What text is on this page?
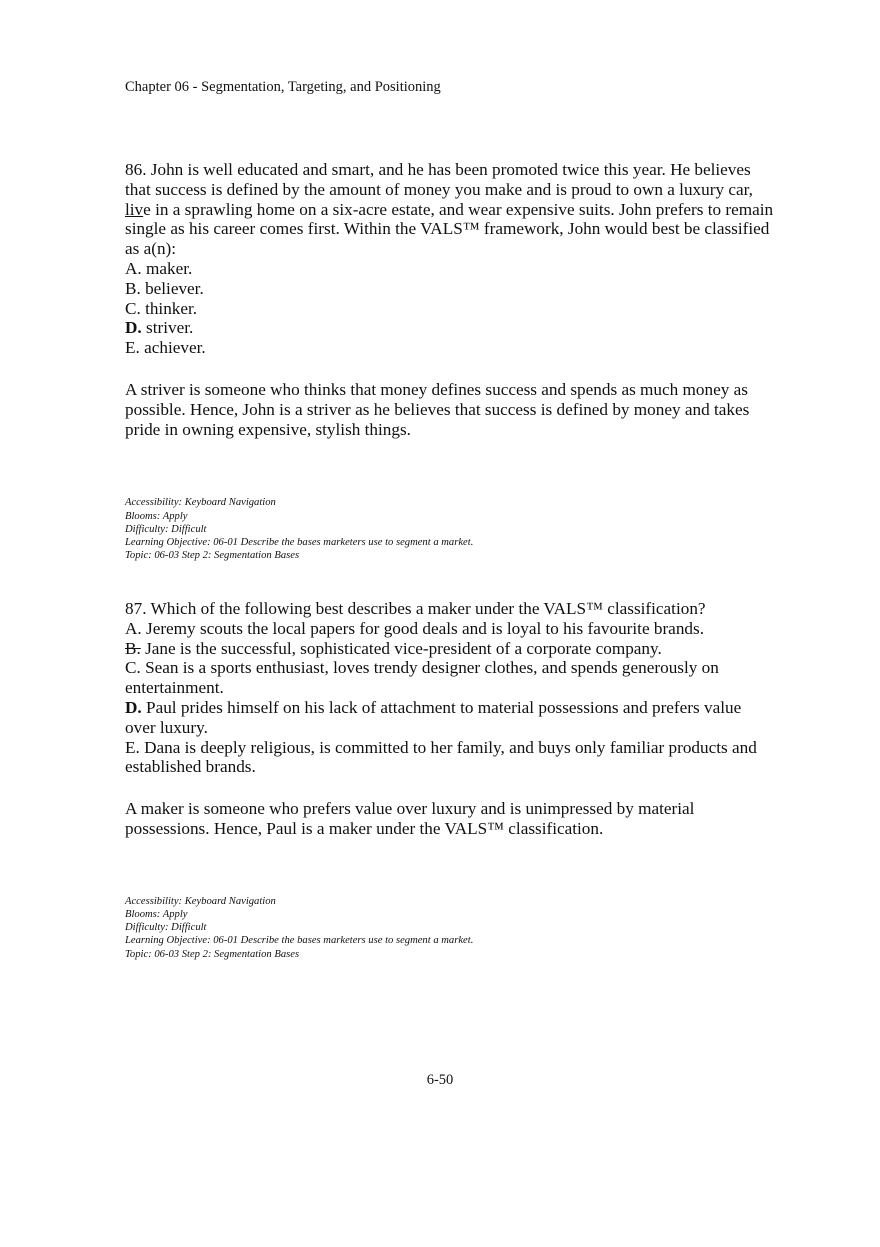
Chapter 06 - Segmentation, Targeting, and Positioning
86. John is well educated and smart, and he has been promoted twice this year. He believes
that success is defined by the amount of money you make and is proud to own a luxury car,
live in a sprawling home on a six-acre estate, and wear expensive suits. John prefers to remain
single as his career comes first. Within the VALS™ framework, John would best be classified
as a(n):
A. maker.
B. believer.
C. thinker.
D. striver.
E. achiever.
A striver is someone who thinks that money defines success and spends as much money as
possible. Hence, John is a striver as he believes that success is defined by money and takes
pride in owning expensive, stylish things.
Accessibility: Keyboard Navigation
Blooms: Apply
Difficulty: Difficult
Learning Objective: 06-01 Describe the bases marketers use to segment a market.
Topic: 06-03 Step 2: Segmentation Bases
87. Which of the following best describes a maker under the VALS™ classification?
A. Jeremy scouts the local papers for good deals and is loyal to his favourite brands.
B. Jane is the successful, sophisticated vice-president of a corporate company.
C. Sean is a sports enthusiast, loves trendy designer clothes, and spends generously on
entertainment.
D. Paul prides himself on his lack of attachment to material possessions and prefers value
over luxury.
E. Dana is deeply religious, is committed to her family, and buys only familiar products and
established brands.
A maker is someone who prefers value over luxury and is unimpressed by material
possessions. Hence, Paul is a maker under the VALS™ classification.
Accessibility: Keyboard Navigation
Blooms: Apply
Difficulty: Difficult
Learning Objective: 06-01 Describe the bases marketers use to segment a market.
Topic: 06-03 Step 2: Segmentation Bases
6-50
